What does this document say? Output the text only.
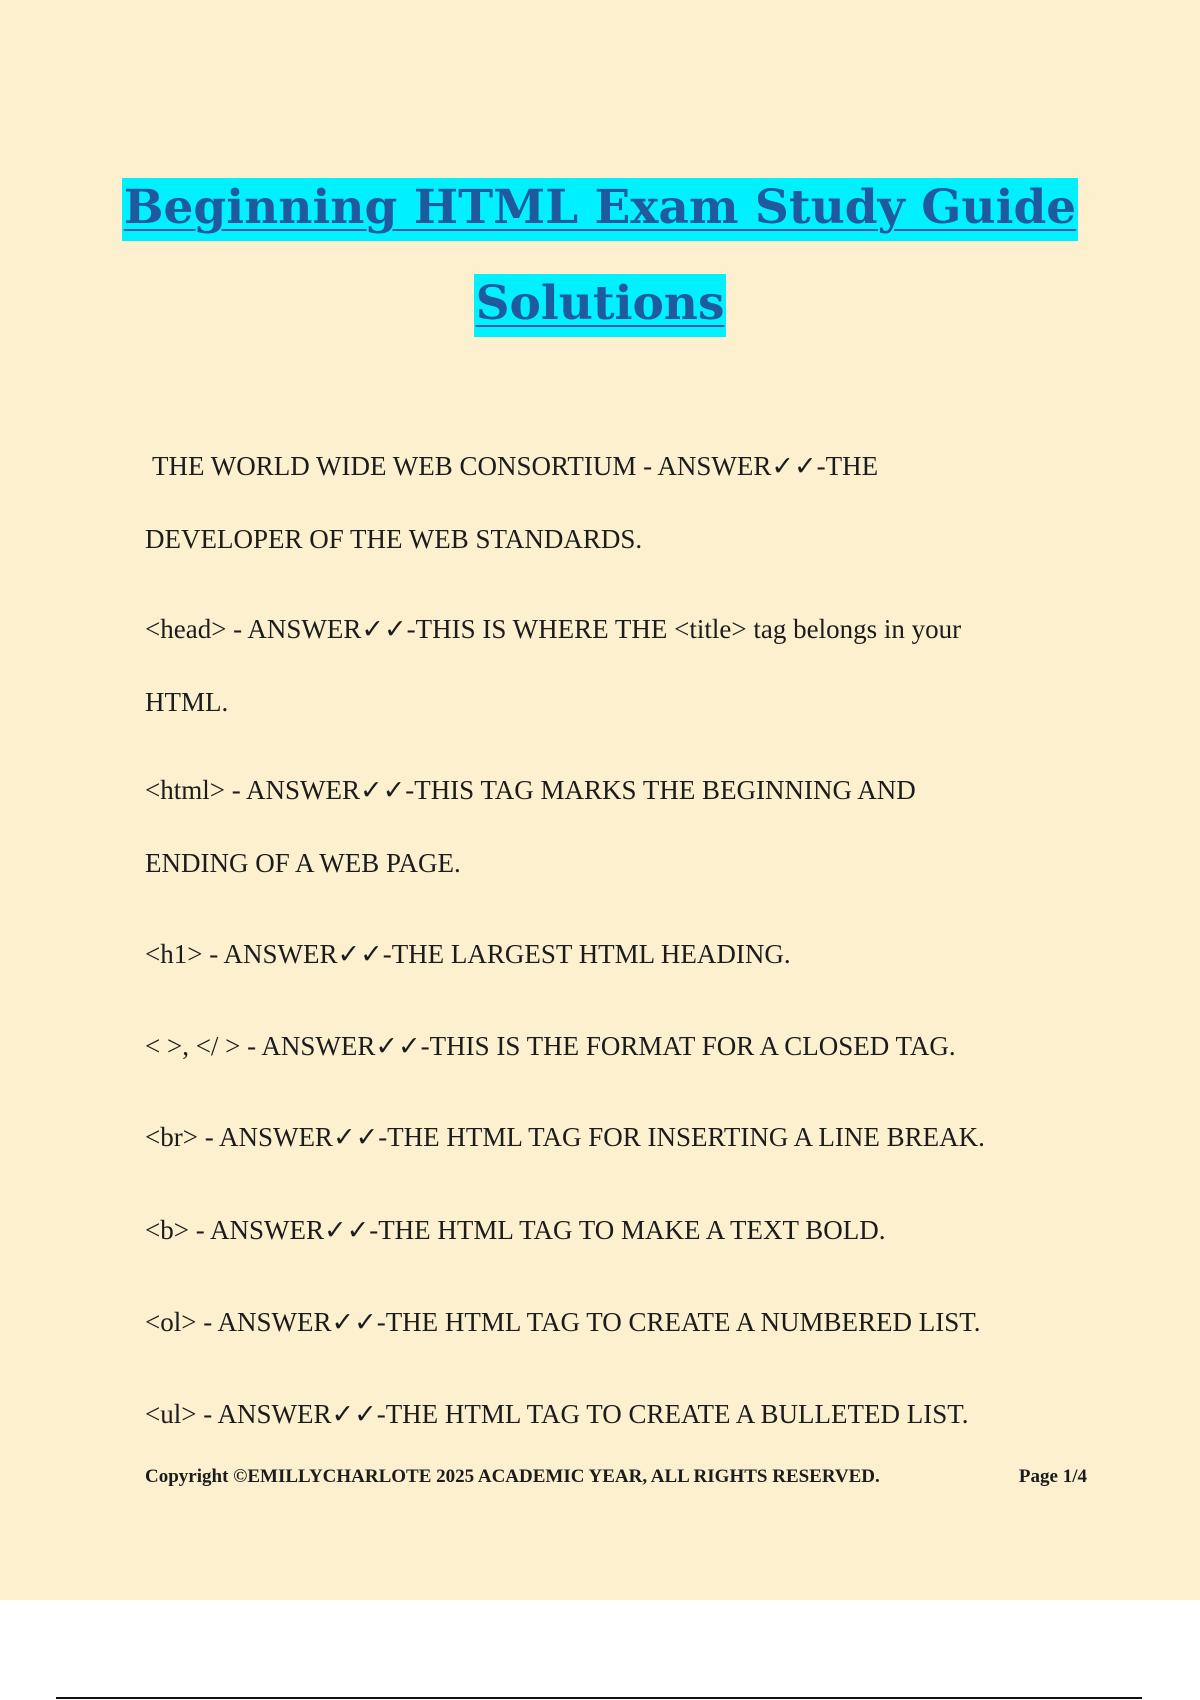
Beginning HTML Exam Study Guide
Solutions
THE WORLD WIDE WEB CONSORTIUM - ANSWER✓✓-THE
DEVELOPER OF THE WEB STANDARDS.
<head> - ANSWER✓✓-THIS IS WHERE THE <title> tag belongs in your
HTML.
<html> - ANSWER✓✓-THIS TAG MARKS THE BEGINNING AND
ENDING OF A WEB PAGE.
<h1> - ANSWER✓✓-THE LARGEST HTML HEADING.
< >, </ > - ANSWER✓✓-THIS IS THE FORMAT FOR A CLOSED TAG.
<br> - ANSWER✓✓-THE HTML TAG FOR INSERTING A LINE BREAK.
<b> - ANSWER✓✓-THE HTML TAG TO MAKE A TEXT BOLD.
<ol> - ANSWER✓✓-THE HTML TAG TO CREATE A NUMBERED LIST.
<ul> - ANSWER✓✓-THE HTML TAG TO CREATE A BULLETED LIST.
Copyright ©EMILLYCHARLOTE 2025 ACADEMIC YEAR, ALL RIGHTS RESERVED.	Page 1/4
